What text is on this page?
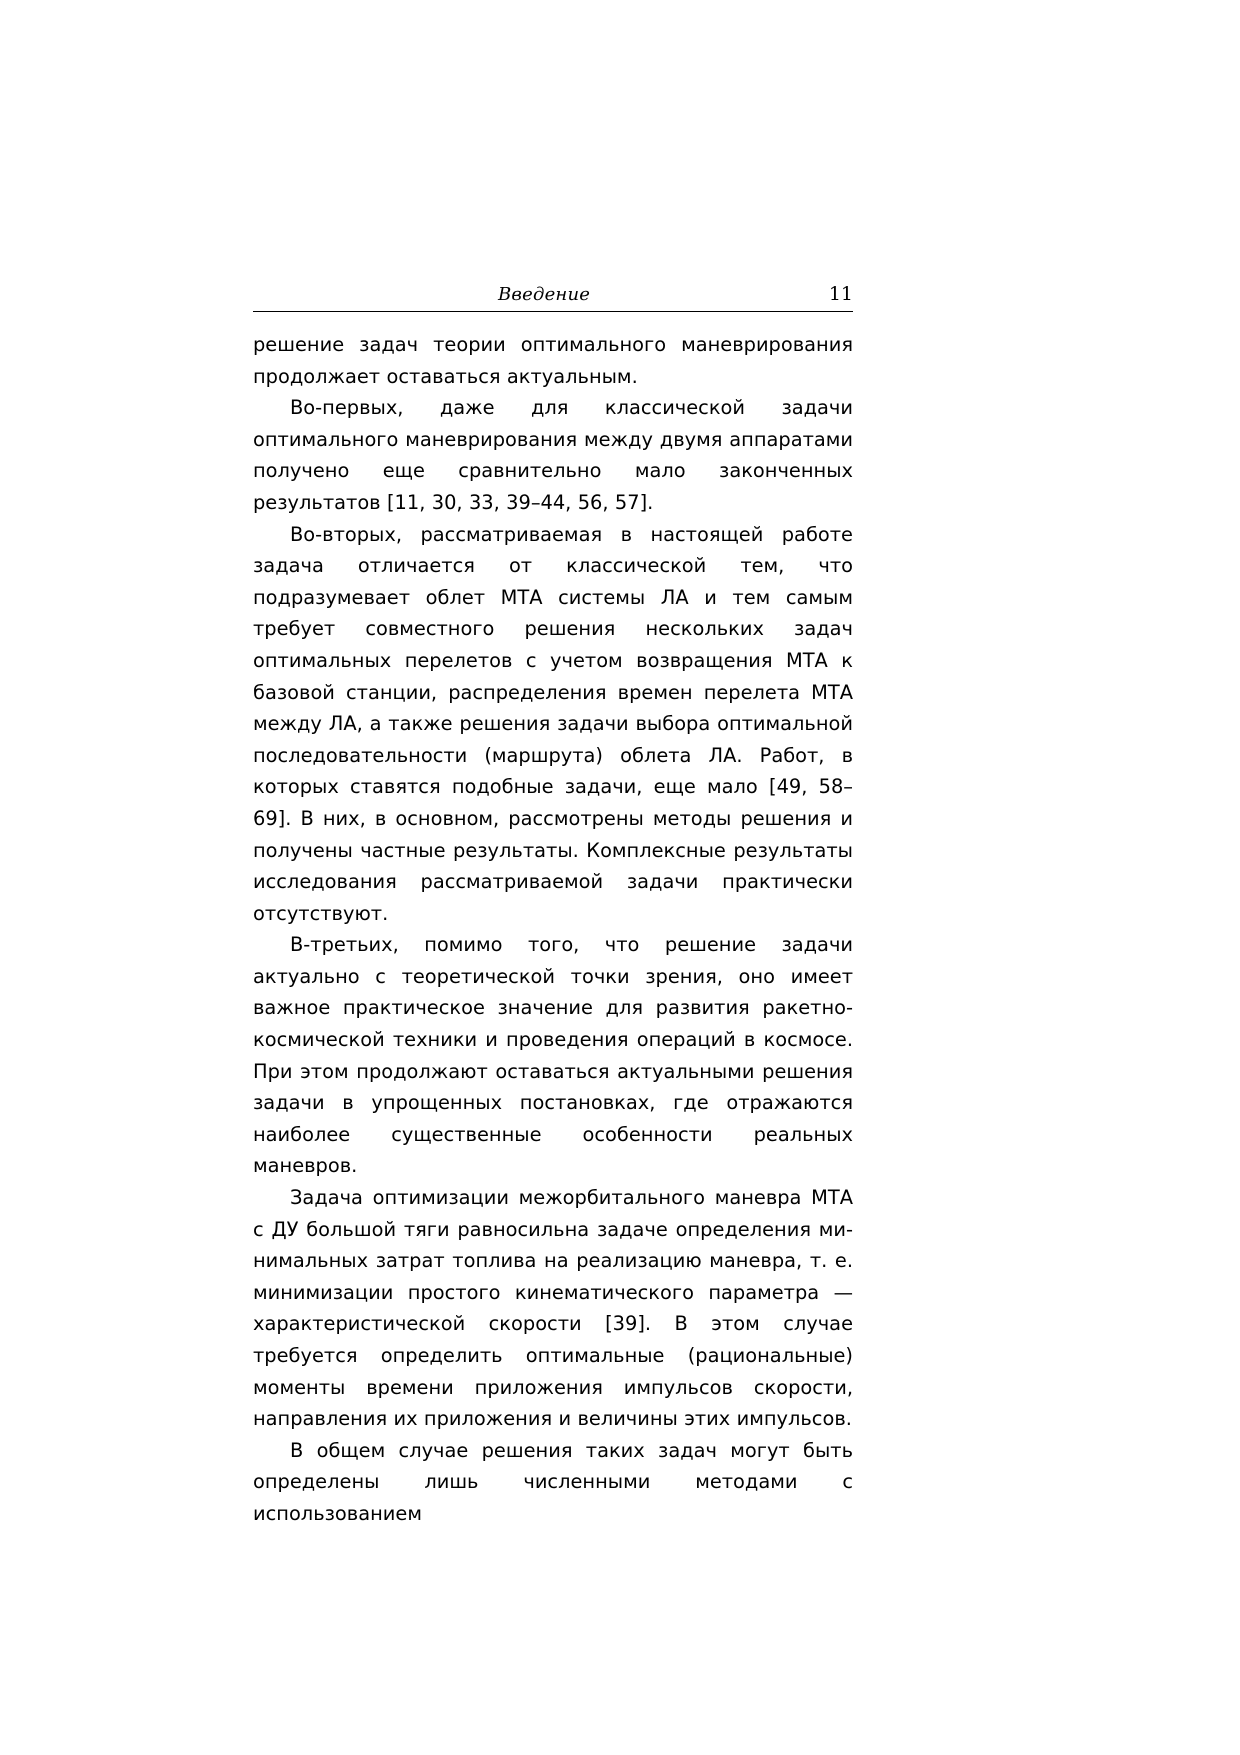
Введение	11

решение задач теории оптимального маневрирования продолжает оставаться актуальным.

Во-первых, даже для классической задачи оптимального маневрирования между двумя аппаратами получено еще сравнительно мало законченных результатов [11, 30, 33, 39–44, 56, 57].

Во-вторых, рассматриваемая в настоящей работе задача отличается от классической тем, что подразумевает облет МТА системы ЛА и тем самым требует совместного решения нескольких задач оптимальных перелетов с учетом возвращения МТА к базовой станции, распределения времен перелета МТА между ЛА, а также решения задачи выбора оптимальной последовательности (маршрута) облета ЛА. Работ, в которых ставятся подобные задачи, еще мало [49, 58–69]. В них, в основном, рассмотрены методы решения и получены частные результаты. Комплексные результаты исследования рассматриваемой задачи практически отсутствуют.

В-третьих, помимо того, что решение задачи актуально с теоретической точки зрения, оно имеет важное практическое значение для развития ракетно-космической техники и проведения операций в космосе. При этом продолжают оставаться актуальными решения задачи в упрощенных постановках, где отражаются наиболее существенные особенности реальных маневров.

Задача оптимизации межорбитального маневра МТА с ДУ большой тяги равносильна задаче определения минимальных затрат топлива на реализацию маневра, т. е. минимизации простого кинематического параметра — характеристической скорости [39]. В этом случае требуется определить оптимальные (рациональные) моменты времени приложения импульсов скорости, направления их приложения и величины этих импульсов.

В общем случае решения таких задач могут быть определены лишь численными методами с использованием
